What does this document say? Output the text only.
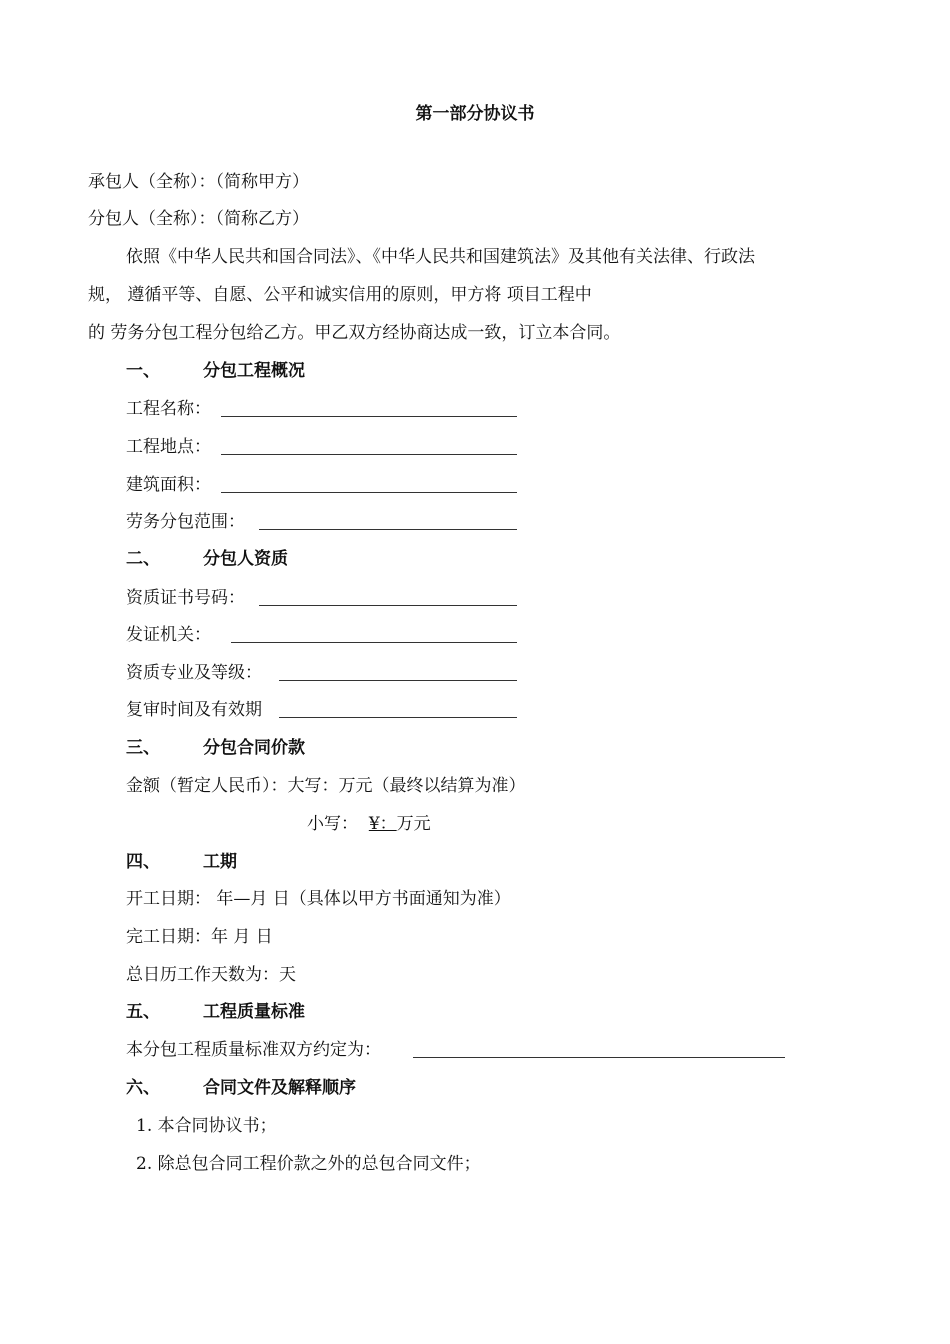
第一部分协议书
承包人（全称）：（简称甲方）
分包人（全称）：（简称乙方）
依照《中华人民共和国合同法》、《中华人民共和国建筑法》及其他有关法律、行政法
规， 遵循平等、自愿、公平和诚实信用的原则，甲方将 项目工程中
的 劳务分包工程分包给乙方。甲乙双方经协商达成一致，订立本合同。
一、	分包工程概况
工程名称：
工程地点：
建筑面积：
劳务分包范围：
二、	分包人资质
资质证书号码：
发证机关：
资质专业及等级：
复审时间及有效期
三、	分包合同价款
金额（暂定人民币）：大写：万元（最终以结算为准）
小写： ¥：万元
四、	工期
开工日期： 年—月 日（具体以甲方书面通知为准）
完工日期：年 月 日
总日历工作天数为：天
五、	工程质量标准
本分包工程质量标准双方约定为：
六、	合同文件及解释顺序
1. 本合同协议书；
2. 除总包合同工程价款之外的总包合同文件；
